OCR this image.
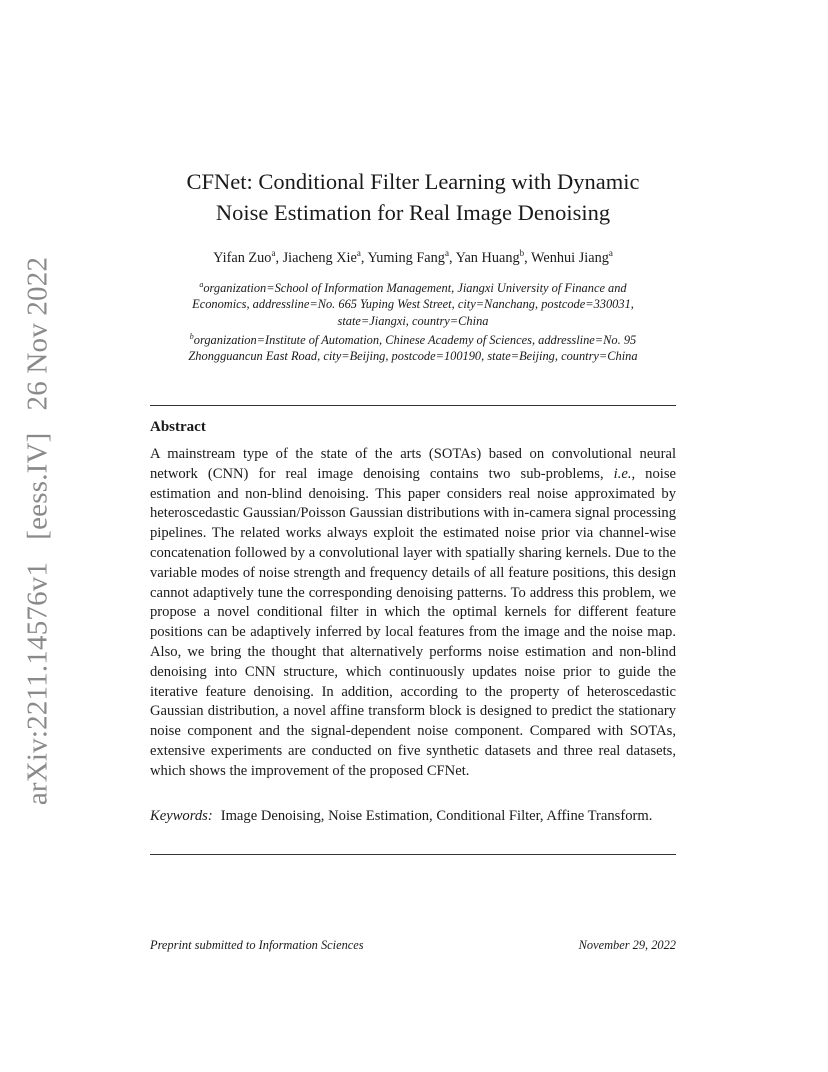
arXiv:2211.14576v1[eess.IV]26 Nov 2022
CFNet: Conditional Filter Learning with Dynamic
Noise Estimation for Real Image Denoising
Yifan Zuo$^a$, Jiacheng Xie$^a$, Yuming Fang$^a$, Yan Huang$^b$, Wenhui Jiang$^a$
$^a$organization=School of Information Management, Jiangxi University of Finance and
Economics, addressline=No. 665 Yuping West Street, city=Nanchang, postcode=330031,
state=Jiangxi, country=China
$^b$organization=Institute of Automation, Chinese Academy of Sciences, addressline=No. 95
Zhongguancun East Road, city=Beijing, postcode=100190, state=Beijing, country=China
Abstract

A mainstream type of the state of the arts (SOTAs) based on convolutional neural network (CNN) for real image denoising contains two sub-problems, i.e., noise estimation and non-blind denoising. This paper considers real noise approximated by heteroscedastic Gaussian/Poisson Gaussian distributions with in-camera signal processing pipelines. The related works always exploit the estimated noise prior via channel-wise concatenation followed by a convolutional layer with spatially sharing kernels. Due to the variable modes of noise strength and frequency details of all feature positions, this design cannot adaptively tune the corresponding denoising patterns. To address this problem, we propose a novel conditional filter in which the optimal kernels for different feature positions can be adaptively inferred by local features from the image and the noise map. Also, we bring the thought that alternatively performs noise estimation and non-blind denoising into CNN structure, which continuously updates noise prior to guide the iterative feature denoising. In addition, according to the property of heteroscedastic Gaussian distribution, a novel affine transform block is designed to predict the stationary noise component and the signal-dependent noise component. Compared with SOTAs, extensive experiments are conducted on five synthetic datasets and three real datasets, which shows the improvement of the proposed CFNet.

Keywords: Image Denoising, Noise Estimation, Conditional Filter, Affine Transform.

Preprint submitted to Information Sciences	November 29, 2022
